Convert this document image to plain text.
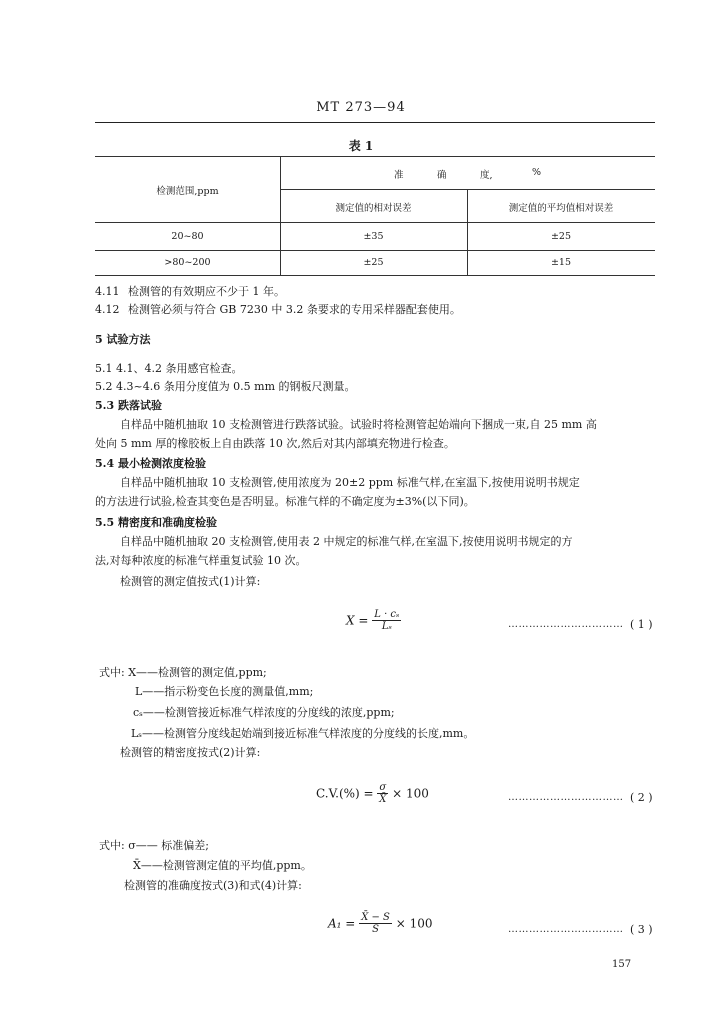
MT 273—94
表 1
检测范围,ppm
准	确	度,	%
测定值的相对误差	测定值的平均值相对误差
20~80	±35	±25
>80~200	±25	±15
4.11 检测管的有效期应不少于 1 年。
4.12 检测管必须与符合 GB 7230 中 3.2 条要求的专用采样器配套使用。
5 试验方法
5.1 4.1、4.2 条用感官检查。
5.2 4.3~4.6 条用分度值为 0.5 mm 的钢板尺测量。
5.3 跌落试验
自样品中随机抽取 10 支检测管进行跌落试验。试验时将检测管起始端向下捆成一束,自 25 mm 高
处向 5 mm 厚的橡胶板上自由跌落 10 次,然后对其内部填充物进行检查。
5.4 最小检测浓度检验
自样品中随机抽取 10 支检测管,使用浓度为 20±2 ppm 标准气样,在室温下,按使用说明书规定
的方法进行试验,检查其变色是否明显。标准气样的不确定度为±3%(以下同)。
5.5 精密度和准确度检验
自样品中随机抽取 20 支检测管,使用表 2 中规定的标准气样,在室温下,按使用说明书规定的方
法,对每种浓度的标准气样重复试验 10 次。
检测管的测定值按式(1)计算:
$X = \frac{\text{L · cₛ}}{\text{Lₛ}}$	…………………………… ( 1 )
式中: X——检测管的测定值,ppm;
L——指示粉变色长度的测量值,mm;
cₛ——检测管接近标准气样浓度的分度线的浓度,ppm;
Lₛ——检测管分度线起始端到接近标准气样浓度的分度线的长度,mm。
检测管的精密度按式(2)计算:
$C.V.(\%) = \frac{\sigma}{X̄} \times 100$	…………………………… ( 2 )
式中: σ—— 标准偏差;
X̄——检测管测定值的平均值,ppm。
检测管的准确度按式(3)和式(4)计算:
$A_1 = \frac{X̄ - S}{S} \times 100$	…………………………… ( 3 )
157
